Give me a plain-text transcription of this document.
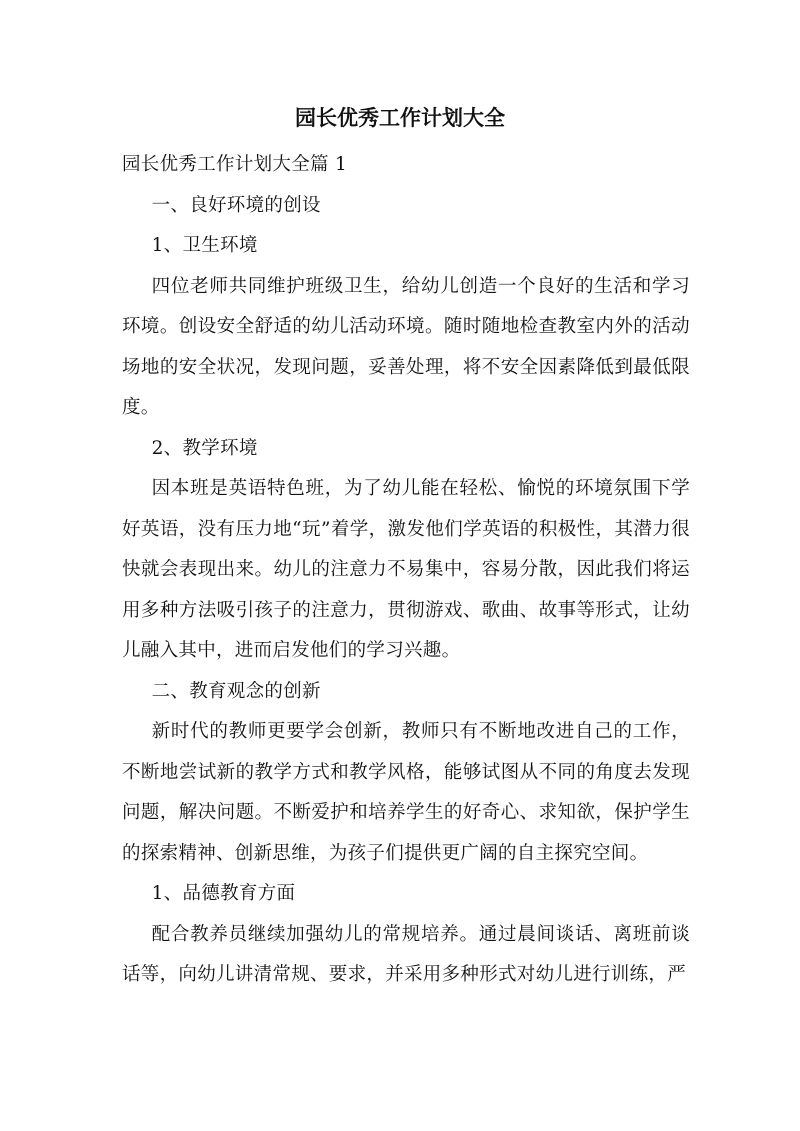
园长优秀工作计划大全

园长优秀工作计划大全篇 1

一、良好环境的创设

1、卫生环境

四位老师共同维护班级卫生，给幼儿创造一个良好的生活和学习环境。创设安全舒适的幼儿活动环境。随时随地检查教室内外的活动场地的安全状况，发现问题，妥善处理，将不安全因素降低到最低限度。

2、教学环境

因本班是英语特色班，为了幼儿能在轻松、愉悦的环境氛围下学好英语，没有压力地“玩”着学，激发他们学英语的积极性，其潜力很快就会表现出来。幼儿的注意力不易集中，容易分散，因此我们将运用多种方法吸引孩子的注意力，贯彻游戏、歌曲、故事等形式，让幼儿融入其中，进而启发他们的学习兴趣。

二、教育观念的创新

新时代的教师更要学会创新，教师只有不断地改进自己的工作，不断地尝试新的教学方式和教学风格，能够试图从不同的角度去发现问题，解决问题。不断爱护和培养学生的好奇心、求知欲，保护学生的探索精神、创新思维，为孩子们提供更广阔的自主探究空间。

1、品德教育方面

配合教养员继续加强幼儿的常规培养。通过晨间谈话、离班前谈话等，向幼儿讲清常规、要求，并采用多种形式对幼儿进行训练，严
